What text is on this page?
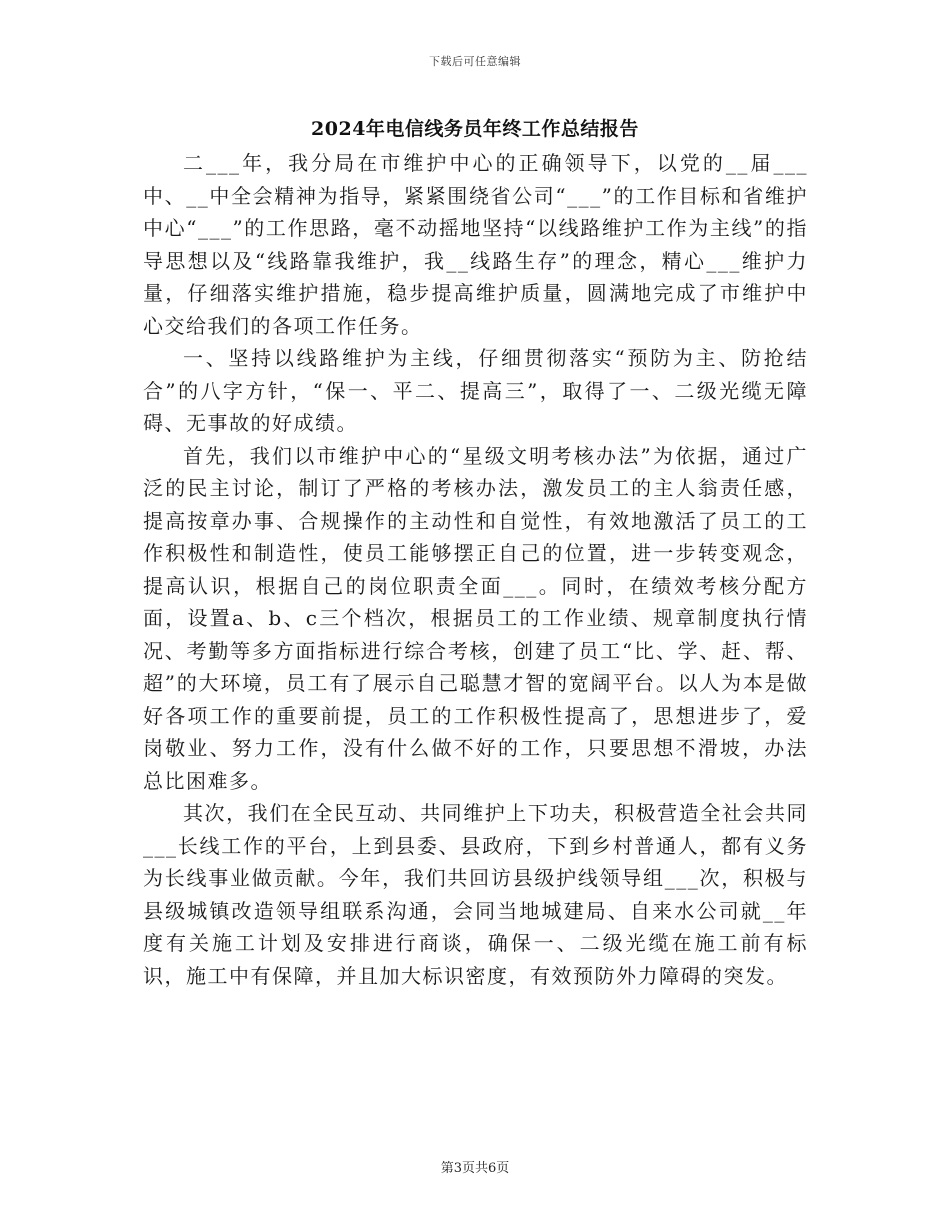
下载后可任意编辑
2024年电信线务员年终工作总结报告

二___年，我分局在市维护中心的正确领导下，以党的__届___中、__中全会精神为指导，紧紧围绕省公司“___”的工作目标和省维护中心“___”的工作思路，毫不动摇地坚持“以线路维护工作为主线”的指导思想以及“线路靠我维护，我__线路生存”的理念，精心___维护力量，仔细落实维护措施，稳步提高维护质量，圆满地完成了市维护中心交给我们的各项工作任务。

一、坚持以线路维护为主线，仔细贯彻落实“预防为主、防抢结合”的八字方针，“保一、平二、提高三”，取得了一、二级光缆无障碍、无事故的好成绩。

首先，我们以市维护中心的“星级文明考核办法”为依据，通过广泛的民主讨论，制订了严格的考核办法，激发员工的主人翁责任感，提高按章办事、合规操作的主动性和自觉性，有效地激活了员工的工作积极性和制造性，使员工能够摆正自己的位置，进一步转变观念，提高认识，根据自己的岗位职责全面___。同时，在绩效考核分配方面，设置a、b、c三个档次，根据员工的工作业绩、规章制度执行情况、考勤等多方面指标进行综合考核，创建了员工“比、学、赶、帮、超”的大环境，员工有了展示自己聪慧才智的宽阔平台。以人为本是做好各项工作的重要前提，员工的工作积极性提高了，思想进步了，爱岗敬业、努力工作，没有什么做不好的工作，只要思想不滑坡，办法总比困难多。

其次，我们在全民互动、共同维护上下功夫，积极营造全社会共同___长线工作的平台，上到县委、县政府，下到乡村普通人，都有义务为长线事业做贡献。今年，我们共回访县级护线领导组___次，积极与县级城镇改造领导组联系沟通，会同当地城建局、自来水公司就__年度有关施工计划及安排进行商谈，确保一、二级光缆在施工前有标识，施工中有保障，并且加大标识密度，有效预防外力障碍的突发。

第3页共6页
